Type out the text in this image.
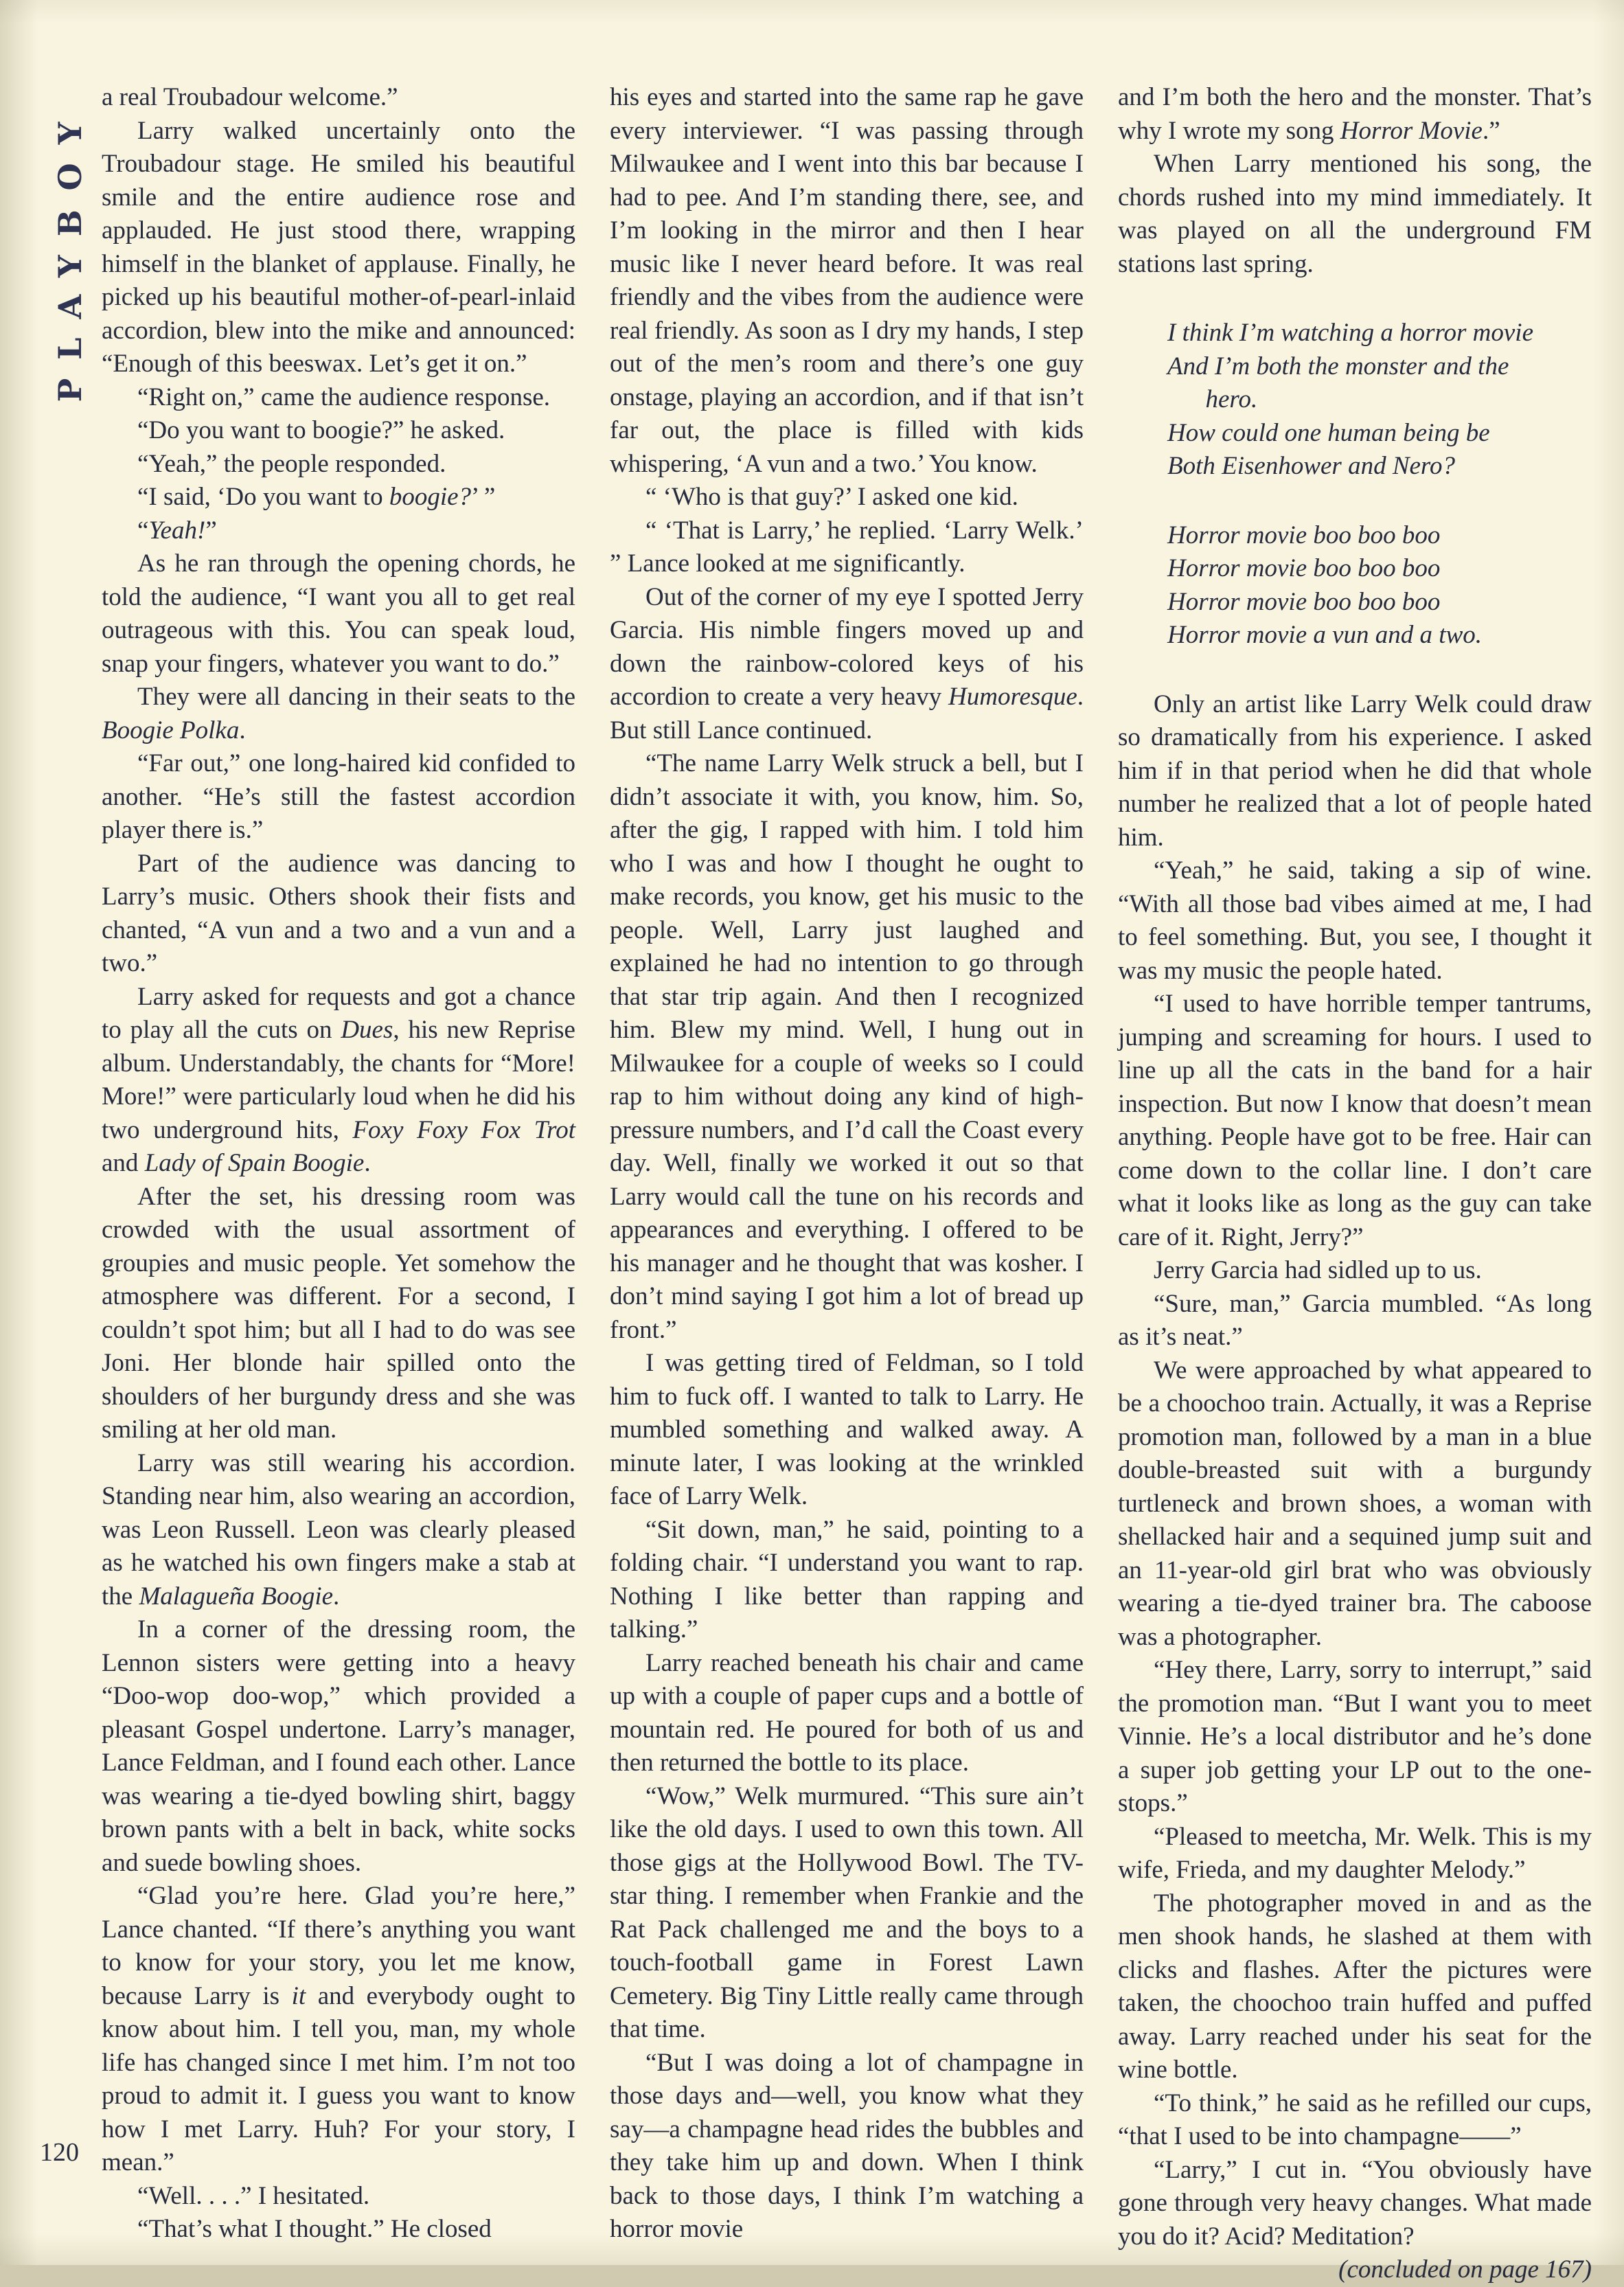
PLAYBOY

a real Troubadour welcome.”

Larry walked uncertainly onto the Troubadour stage. He smiled his beautiful smile and the entire audience rose and applauded. He just stood there, wrapping himself in the blanket of applause. Finally, he picked up his beautiful mother-of-pearl-inlaid accordion, blew into the mike and announced: “Enough of this beeswax. Let’s get it on.”

“Right on,” came the audience response.

“Do you want to boogie?” he asked.

“Yeah,” the people responded.

“I said, ‘Do you want to boogie?’ ”

“Yeah!”

As he ran through the opening chords, he told the audience, “I want you all to get real outrageous with this. You can speak loud, snap your fingers, whatever you want to do.”

They were all dancing in their seats to the Boogie Polka.

“Far out,” one long-haired kid confided to another. “He’s still the fastest accordion player there is.”

Part of the audience was dancing to Larry’s music. Others shook their fists and chanted, “A vun and a two and a vun and a two.”

Larry asked for requests and got a chance to play all the cuts on Dues, his new Reprise album. Understandably, the chants for “More! More!” were particularly loud when he did his two underground hits, Foxy Foxy Fox Trot and Lady of Spain Boogie.

After the set, his dressing room was crowded with the usual assortment of groupies and music people. Yet somehow the atmosphere was different. For a second, I couldn’t spot him; but all I had to do was see Joni. Her blonde hair spilled onto the shoulders of her burgundy dress and she was smiling at her old man.

Larry was still wearing his accordion. Standing near him, also wearing an accordion, was Leon Russell. Leon was clearly pleased as he watched his own fingers make a stab at the Malagueña Boogie.

In a corner of the dressing room, the Lennon sisters were getting into a heavy “Doo-wop doo-wop,” which provided a pleasant Gospel undertone. Larry’s manager, Lance Feldman, and I found each other. Lance was wearing a tie-dyed bowling shirt, baggy brown pants with a belt in back, white socks and suede bowling shoes.

“Glad you’re here. Glad you’re here,” Lance chanted. “If there’s anything you want to know for your story, you let me know, because Larry is it and everybody ought to know about him. I tell you, man, my whole life has changed since I met him. I’m not too proud to admit it. I guess you want to know how I met Larry. Huh? For your story, I mean.”

“Well. . . .” I hesitated.

“That’s what I thought.” He closed

his eyes and started into the same rap he gave every interviewer. “I was passing through Milwaukee and I went into this bar because I had to pee. And I’m standing there, see, and I’m looking in the mirror and then I hear music like I never heard before. It was real friendly and the vibes from the audience were real friendly. As soon as I dry my hands, I step out of the men’s room and there’s one guy onstage, playing an accordion, and if that isn’t far out, the place is filled with kids whispering, ‘A vun and a two.’ You know.

“ ‘Who is that guy?’ I asked one kid.

“ ‘That is Larry,’ he replied. ‘Larry Welk.’ ” Lance looked at me significantly.

Out of the corner of my eye I spotted Jerry Garcia. His nimble fingers moved up and down the rainbow-colored keys of his accordion to create a very heavy Humoresque. But still Lance continued.

“The name Larry Welk struck a bell, but I didn’t associate it with, you know, him. So, after the gig, I rapped with him. I told him who I was and how I thought he ought to make records, you know, get his music to the people. Well, Larry just laughed and explained he had no intention to go through that star trip again. And then I recognized him. Blew my mind. Well, I hung out in Milwaukee for a couple of weeks so I could rap to him without doing any kind of high-pressure numbers, and I’d call the Coast every day. Well, finally we worked it out so that Larry would call the tune on his records and appearances and everything. I offered to be his manager and he thought that was kosher. I don’t mind saying I got him a lot of bread up front.”

I was getting tired of Feldman, so I told him to fuck off. I wanted to talk to Larry. He mumbled something and walked away. A minute later, I was looking at the wrinkled face of Larry Welk.

“Sit down, man,” he said, pointing to a folding chair. “I understand you want to rap. Nothing I like better than rapping and talking.”

Larry reached beneath his chair and came up with a couple of paper cups and a bottle of mountain red. He poured for both of us and then returned the bottle to its place.

“Wow,” Welk murmured. “This sure ain’t like the old days. I used to own this town. All those gigs at the Hollywood Bowl. The TV-star thing. I remember when Frankie and the Rat Pack challenged me and the boys to a touch-football game in Forest Lawn Cemetery. Big Tiny Little really came through that time.

“But I was doing a lot of champagne in those days and—well, you know what they say—a champagne head rides the bubbles and they take him up and down. When I think back to those days, I think I’m watching a horror movie

and I’m both the hero and the monster. That’s why I wrote my song Horror Movie.”

When Larry mentioned his song, the chords rushed into my mind immediately. It was played on all the underground FM stations last spring.

I think I’m watching a horror movie
And I’m both the monster and the
  hero.
How could one human being be
Both Eisenhower and Nero?
Horror movie boo boo boo
Horror movie boo boo boo
Horror movie boo boo boo
Horror movie a vun and a two.

Only an artist like Larry Welk could draw so dramatically from his experience. I asked him if in that period when he did that whole number he realized that a lot of people hated him.

“Yeah,” he said, taking a sip of wine. “With all those bad vibes aimed at me, I had to feel something. But, you see, I thought it was my music the people hated.

“I used to have horrible temper tantrums, jumping and screaming for hours. I used to line up all the cats in the band for a hair inspection. But now I know that doesn’t mean anything. People have got to be free. Hair can come down to the collar line. I don’t care what it looks like as long as the guy can take care of it. Right, Jerry?”

Jerry Garcia had sidled up to us.

“Sure, man,” Garcia mumbled. “As long as it’s neat.”

We were approached by what appeared to be a choochoo train. Actually, it was a Reprise promotion man, followed by a man in a blue double-breasted suit with a burgundy turtleneck and brown shoes, a woman with shellacked hair and a sequined jump suit and an 11-year-old girl brat who was obviously wearing a tie-dyed trainer bra. The caboose was a photographer.

“Hey there, Larry, sorry to interrupt,” said the promotion man. “But I want you to meet Vinnie. He’s a local distributor and he’s done a super job getting your LP out to the one-stops.”

“Pleased to meetcha, Mr. Welk. This is my wife, Frieda, and my daughter Melody.”

The photographer moved in and as the men shook hands, he slashed at them with clicks and flashes. After the pictures were taken, the choochoo train huffed and puffed away. Larry reached under his seat for the wine bottle.

“To think,” he said as he refilled our cups, “that I used to be into champagne——”

“Larry,” I cut in. “You obviously have gone through very heavy changes. What made you do it? Acid? Meditation?

(concluded on page 167)

120
